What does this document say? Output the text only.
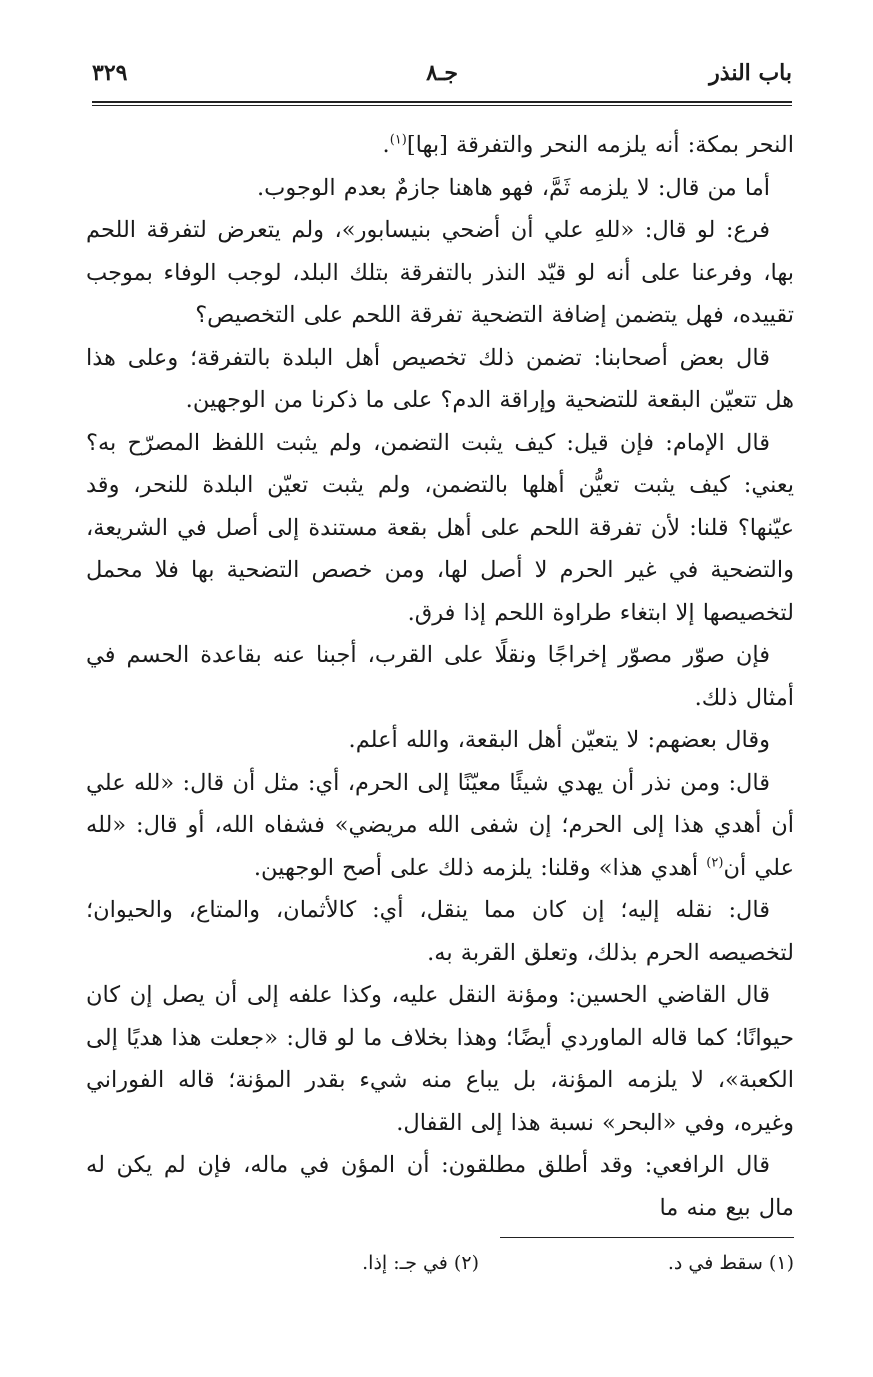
باب النذر
جـ٨
٣٢٩

النحر بمكة: أنه يلزمه النحر والتفرقة [بها]$^{(١)}$.

أما من قال: لا يلزمه ثَمَّ، فهو هاهنا جازمٌ بعدم الوجوب.

فرع: لو قال: «للهِ علي أن أضحي بنيسابور»، ولم يتعرض لتفرقة اللحم بها، وفرعنا على أنه لو قيّد النذر بالتفرقة بتلك البلد، لوجب الوفاء بموجب تقييده، فهل يتضمن إضافة التضحية تفرقة اللحم على التخصيص؟

قال بعض أصحابنا: تضمن ذلك تخصيص أهل البلدة بالتفرقة؛ وعلى هذا هل تتعيّن البقعة للتضحية وإراقة الدم؟ على ما ذكرنا من الوجهين.

قال الإمام: فإن قيل: كيف يثبت التضمن، ولم يثبت اللفظ المصرّح به؟ يعني: كيف يثبت تعيُّن أهلها بالتضمن، ولم يثبت تعيّن البلدة للنحر، وقد عيّنها؟ قلنا: لأن تفرقة اللحم على أهل بقعة مستندة إلى أصل في الشريعة، والتضحية في غير الحرم لا أصل لها، ومن خصص التضحية بها فلا محمل لتخصيصها إلا ابتغاء طراوة اللحم إذا فرق.

فإن صوّر مصوّر إخراجًا ونقلًا على القرب، أجبنا عنه بقاعدة الحسم في أمثال ذلك.

وقال بعضهم: لا يتعيّن أهل البقعة، والله أعلم.

قال: ومن نذر أن يهدي شيئًا معيّنًا إلى الحرم، أي: مثل أن قال: «لله علي أن أهدي هذا إلى الحرم؛ إن شفى الله مريضي» فشفاه الله، أو قال: «لله علي أن$^{(٢)}$ أهدي هذا» وقلنا: يلزمه ذلك على أصح الوجهين.

قال: نقله إليه؛ إن كان مما ينقل، أي: كالأثمان، والمتاع، والحيوان؛ لتخصيصه الحرم بذلك، وتعلق القربة به.

قال القاضي الحسين: ومؤنة النقل عليه، وكذا علفه إلى أن يصل إن كان حيوانًا؛ كما قاله الماوردي أيضًا؛ وهذا بخلاف ما لو قال: «جعلت هذا هديًا إلى الكعبة»، لا يلزمه المؤنة، بل يباع منه شيء بقدر المؤنة؛ قاله الفوراني وغيره، وفي «البحر» نسبة هذا إلى القفال.

قال الرافعي: وقد أطلق مطلقون: أن المؤن في ماله، فإن لم يكن له مال بيع منه ما

(١) سقط في د.
(٢) في جـ: إذا.
